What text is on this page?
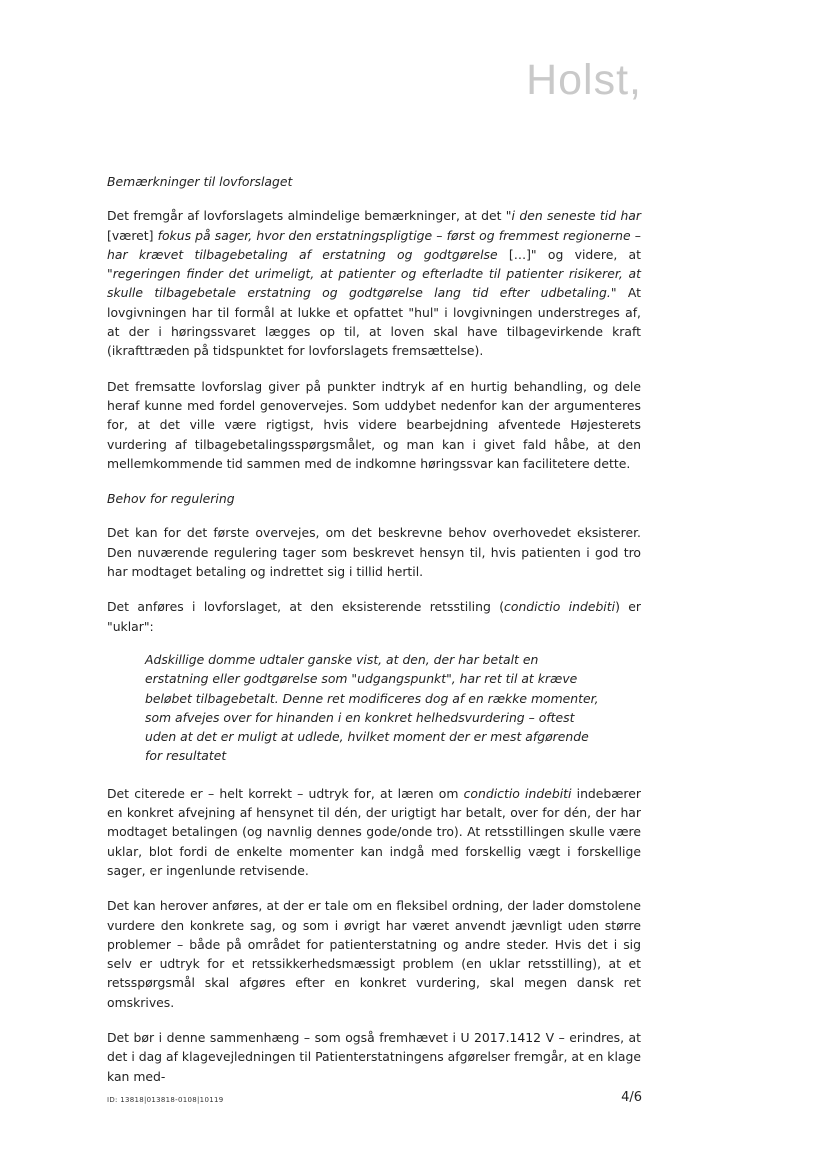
Holst,
Bemærkninger til lovforslaget
Det fremgår af lovforslagets almindelige bemærkninger, at det "i den seneste tid har [været] fokus på sager, hvor den erstatningspligtige – først og fremmest regionerne – har krævet tilbagebetaling af erstatning og godtgørelse […]" og videre, at "regeringen finder det urimeligt, at patienter og efterladte til patienter risikerer, at skulle tilbagebetale erstatning og godtgørelse lang tid efter udbetaling." At lovgivningen har til formål at lukke et opfattet "hul" i lovgivningen understreges af, at der i høringssvaret lægges op til, at loven skal have tilbagevirkende kraft (ikrafttræden på tidspunktet for lovforslagets fremsættelse).
Det fremsatte lovforslag giver på punkter indtryk af en hurtig behandling, og dele heraf kunne med fordel genovervejes. Som uddybet nedenfor kan der argumenteres for, at det ville være rigtigst, hvis videre bearbejdning afventede Højesterets vurdering af tilbagebetalingsspørgsmålet, og man kan i givet fald håbe, at den mellemkommende tid sammen med de indkomne høringssvar kan facilitetere dette.
Behov for regulering
Det kan for det første overvejes, om det beskrevne behov overhovedet eksisterer. Den nuværende regulering tager som beskrevet hensyn til, hvis patienten i god tro har modtaget betaling og indrettet sig i tillid hertil.
Det anføres i lovforslaget, at den eksisterende retsstiling (condictio indebiti) er "uklar":
Adskillige domme udtaler ganske vist, at den, der har betalt en erstatning eller godtgørelse som "udgangspunkt", har ret til at kræve beløbet tilbagebetalt. Denne ret modificeres dog af en række momenter, som afvejes over for hinanden i en konkret helhedsvurdering – oftest uden at det er muligt at udlede, hvilket moment der er mest afgørende for resultatet
Det citerede er – helt korrekt – udtryk for, at læren om condictio indebiti indebærer en konkret afvejning af hensynet til dén, der urigtigt har betalt, over for dén, der har modtaget betalingen (og navnlig dennes gode/onde tro). At retsstillingen skulle være uklar, blot fordi de enkelte momenter kan indgå med forskellig vægt i forskellige sager, er ingenlunde retvisende.
Det kan herover anføres, at der er tale om en fleksibel ordning, der lader domstolene vurdere den konkrete sag, og som i øvrigt har været anvendt jævnligt uden større problemer – både på området for patienterstatning og andre steder. Hvis det i sig selv er udtryk for et retssikkerhedsmæssigt problem (en uklar retsstilling), at et retsspørgsmål skal afgøres efter en konkret vurdering, skal megen dansk ret omskrives.
Det bør i denne sammenhæng – som også fremhævet i U 2017.1412 V – erindres, at det i dag af klagevejledningen til Patienterstatningens afgørelser fremgår, at en klage kan med-
ID: 13818|013818-0108|10119	4/6
